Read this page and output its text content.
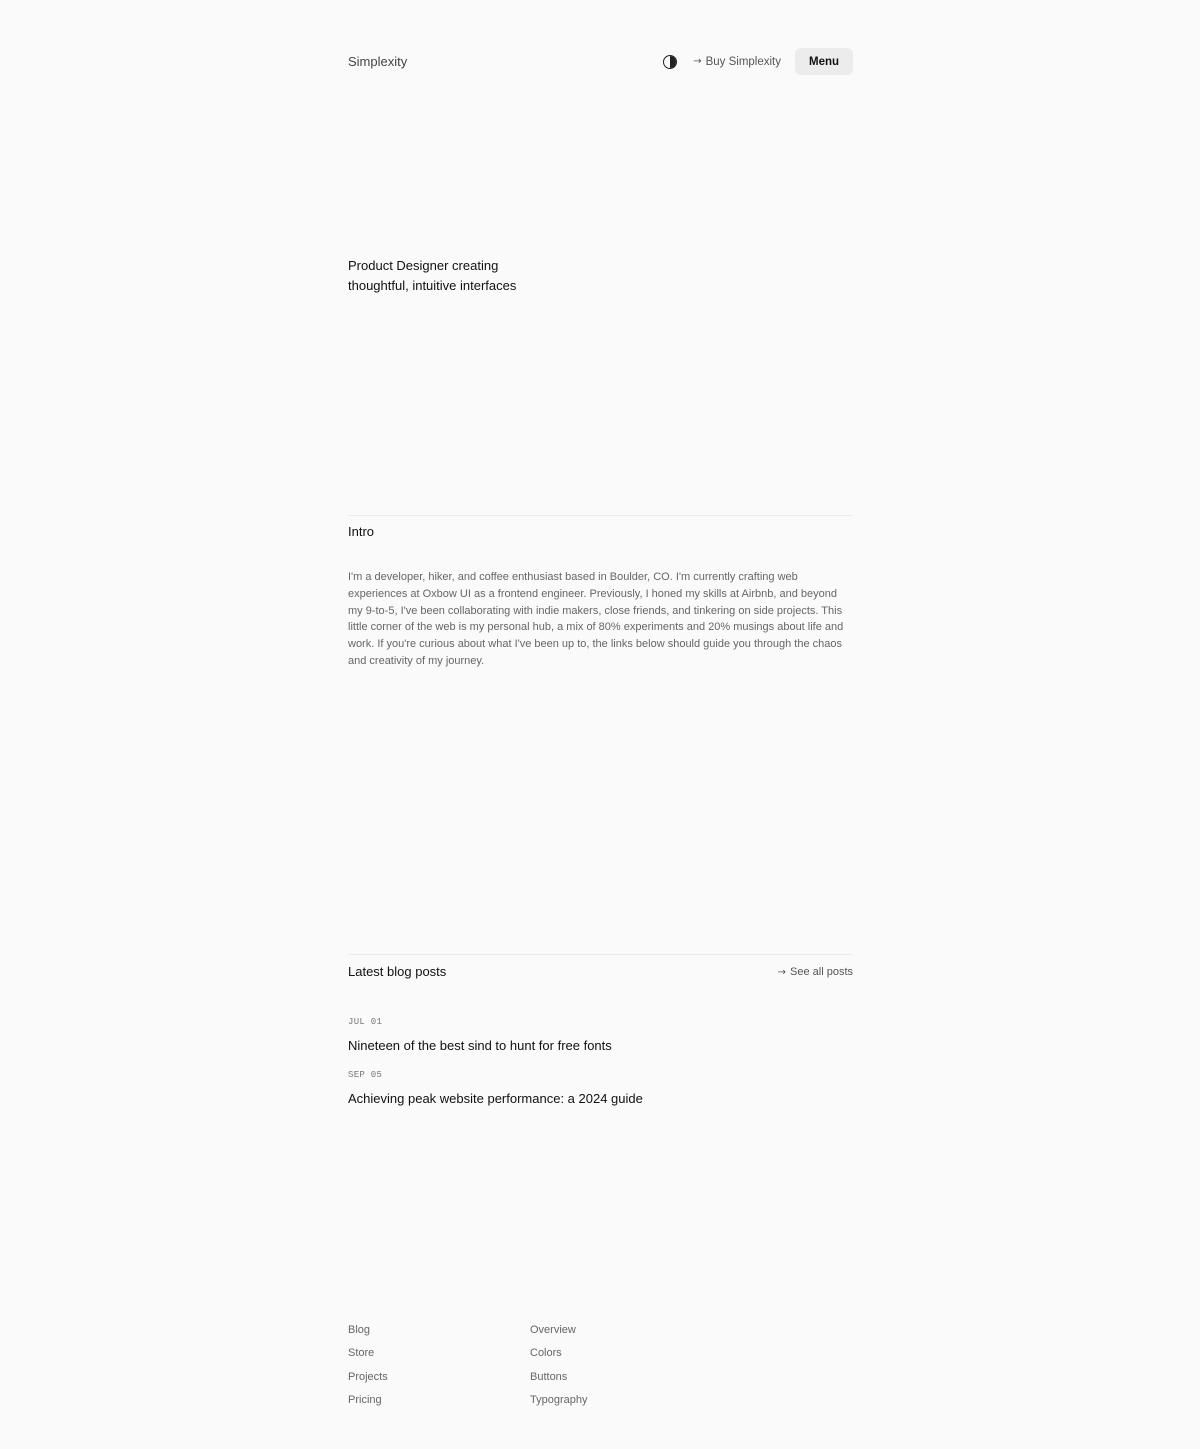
Simplexity	→ Buy Simplexity	Menu
Product Designer creating
thoughtful, intuitive interfaces
Intro

I'm a developer, hiker, and coffee enthusiast based in Boulder, CO. I'm currently crafting web experiences at Oxbow UI as a frontend engineer. Previously, I honed my skills at Airbnb, and beyond my 9-to-5, I've been collaborating with indie makers, close friends, and tinkering on side projects. This little corner of the web is my personal hub, a mix of 80% experiments and 20% musings about life and work. If you're curious about what I've been up to, the links below should guide you through the chaos and creativity of my journey.

Latest blog posts	→ See all posts
JUL 01
Nineteen of the best sind to hunt for free fonts
SEP 05
Achieving peak website performance: a 2024 guide
Blog
Store
Projects
Pricing
Overview
Colors
Buttons
Typography
